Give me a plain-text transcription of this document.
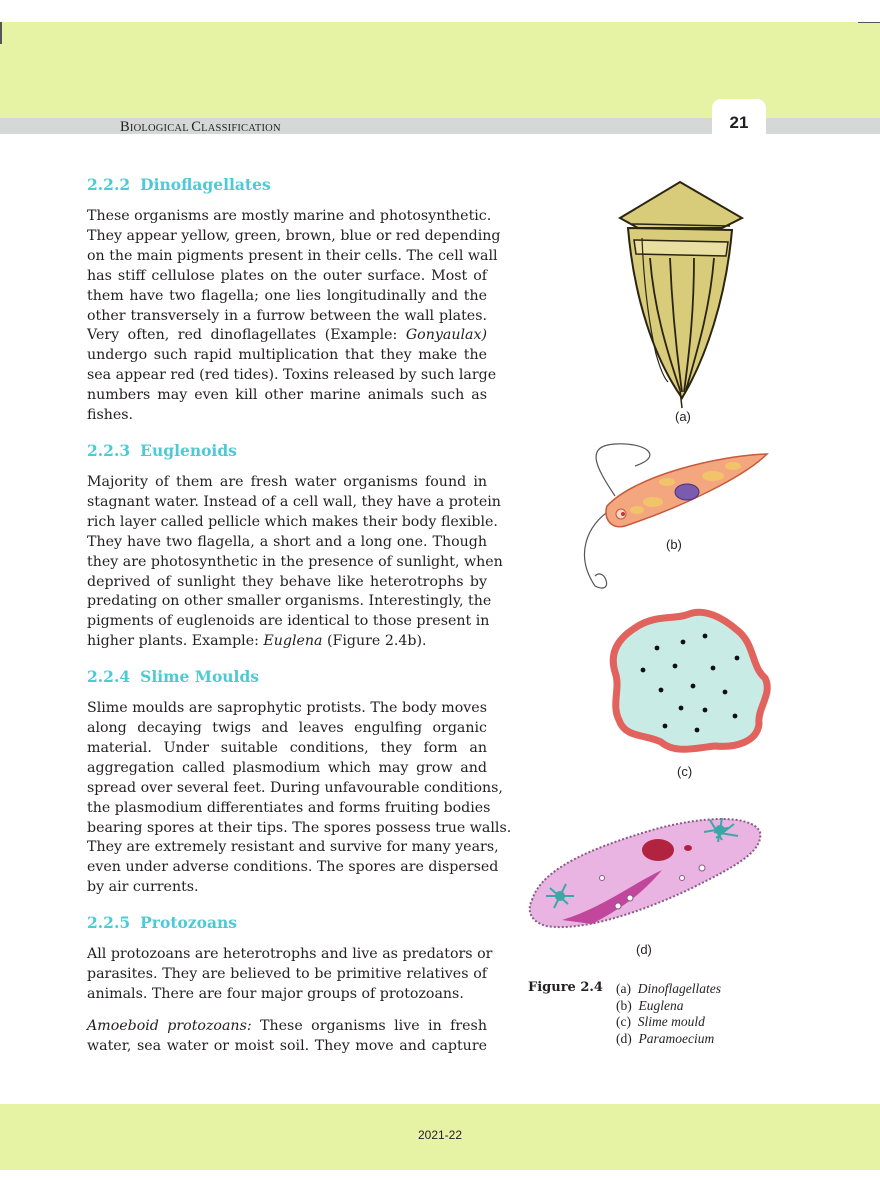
BIOLOGICAL CLASSIFICATION	21
2.2.2 Dinoflagellates
These organisms are mostly marine and photosynthetic.
They appear yellow, green, brown, blue or red depending
on the main pigments present in their cells. The cell wall
has stiff cellulose plates on the outer surface. Most of
them have two flagella; one lies longitudinally and the
other transversely in a furrow between the wall plates.
Very often, red dinoflagellates (Example: Gonyaulax)
undergo such rapid multiplication that they make the
sea appear red (red tides). Toxins released by such large
numbers may even kill other marine animals such as
fishes.
2.2.3 Euglenoids
Majority of them are fresh water organisms found in
stagnant water. Instead of a cell wall, they have a protein
rich layer called pellicle which makes their body flexible.
They have two flagella, a short and a long one. Though
they are photosynthetic in the presence of sunlight, when
deprived of sunlight they behave like heterotrophs by
predating on other smaller organisms. Interestingly, the
pigments of euglenoids are identical to those present in
higher plants. Example: Euglena (Figure 2.4b).
2.2.4 Slime Moulds
Slime moulds are saprophytic protists. The body moves
along decaying twigs and leaves engulfing organic
material. Under suitable conditions, they form an
aggregation called plasmodium which may grow and
spread over several feet. During unfavourable conditions,
the plasmodium differentiates and forms fruiting bodies
bearing spores at their tips. The spores possess true walls.
They are extremely resistant and survive for many years,
even under adverse conditions. The spores are dispersed
by air currents.
2.2.5 Protozoans
All protozoans are heterotrophs and live as predators or
parasites. They are believed to be primitive relatives of
animals. There are four major groups of protozoans.
Amoeboid protozoans: These organisms live in fresh
water, sea water or moist soil. They move and capture
(a)
(b)
(c)
(d)
Figure 2.4 (a) Dinoflagellates
(b) Euglena
(c) Slime mould
(d) Paramoecium
2021-22
